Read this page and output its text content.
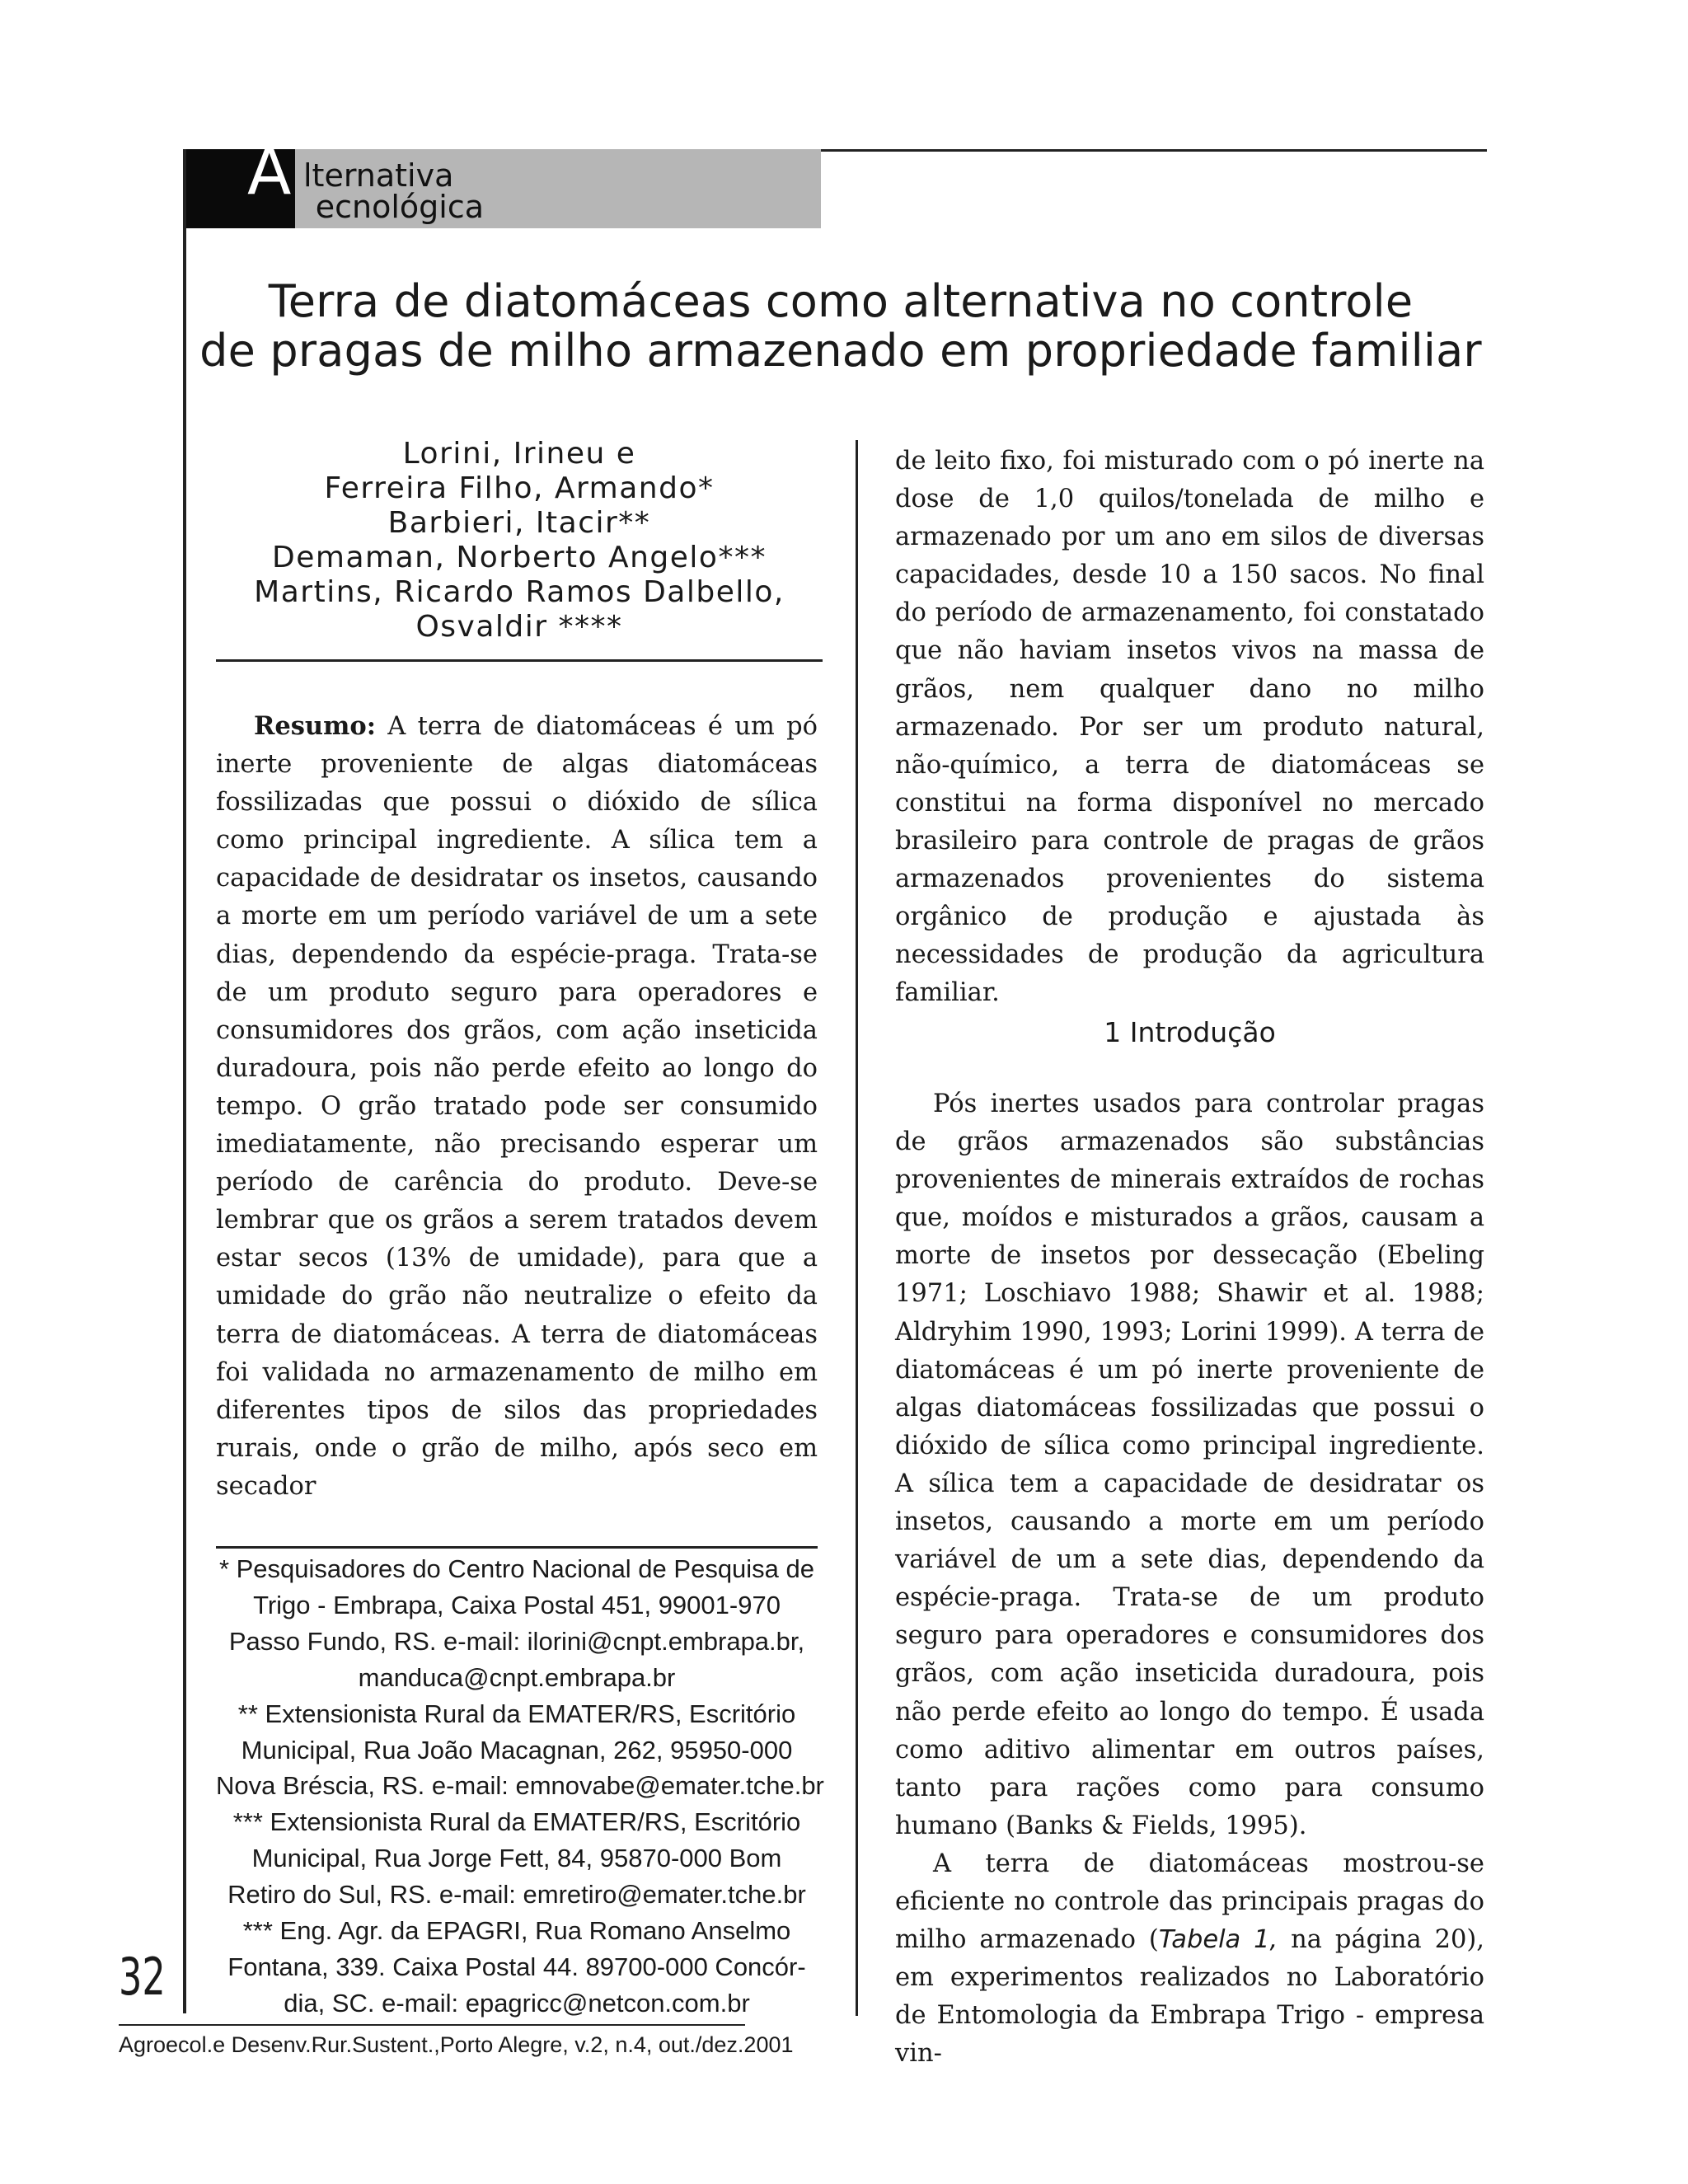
A lternativa
ecnológica
Terra de diatomáceas como alternativa no controle
de pragas de milho armazenado em propriedade familiar
Lorini, Irineu e
Ferreira Filho, Armando*
Barbieri, Itacir**
Demaman, Norberto Angelo***
Martins, Ricardo Ramos Dalbello,
Osvaldir ****

Resumo: A terra de diatomáceas é um pó inerte proveniente de algas diatomáceas fossilizadas que possui o dióxido de sílica como principal ingrediente. A sílica tem a capacidade de desidratar os insetos, causando a morte em um período variável de um a sete dias, dependendo da espécie-praga. Trata-se de um produto seguro para operadores e consumidores dos grãos, com ação inseticida duradoura, pois não perde efeito ao longo do tempo. O grão tratado pode ser consumido imediatamente, não precisando esperar um período de carência do produto. Deve-se lembrar que os grãos a serem tratados devem estar secos (13% de umidade), para que a umidade do grão não neutralize o efeito da terra de diatomáceas. A terra de diatomáceas foi validada no armazenamento de milho em diferentes tipos de silos das propriedades rurais, onde o grão de milho, após seco em secador

* Pesquisadores do Centro Nacional de Pesquisa de
Trigo - Embrapa, Caixa Postal 451, 99001-970
Passo Fundo, RS. e-mail: ilorini@cnpt.embrapa.br,
manduca@cnpt.embrapa.br
** Extensionista Rural da EMATER/RS, Escritório
Municipal, Rua João Macagnan, 262, 95950-000
Nova Bréscia, RS. e-mail: emnovabe@emater.tche.br
*** Extensionista Rural da EMATER/RS, Escritório
Municipal, Rua Jorge Fett, 84, 95870-000 Bom
Retiro do Sul, RS. e-mail: emretiro@emater.tche.br
*** Eng. Agr. da EPAGRI, Rua Romano Anselmo
Fontana, 339. Caixa Postal 44. 89700-000 Concór-
dia, SC. e-mail: epagricc@netcon.com.br

de leito fixo, foi misturado com o pó inerte na dose de 1,0 quilos/tonelada de milho e armazenado por um ano em silos de diversas capacidades, desde 10 a 150 sacos. No final do período de armazenamento, foi constatado que não haviam insetos vivos na massa de grãos, nem qualquer dano no milho armazenado. Por ser um produto natural, não-químico, a terra de diatomáceas se constitui na forma disponível no mercado brasileiro para controle de pragas de grãos armazenados provenientes do sistema orgânico de produção e ajustada às necessidades de produção da agricultura familiar.

1 Introdução

Pós inertes usados para controlar pragas de grãos armazenados são substâncias provenientes de minerais extraídos de rochas que, moídos e misturados a grãos, causam a morte de insetos por dessecação (Ebeling 1971; Loschiavo 1988; Shawir et al. 1988; Aldryhim 1990, 1993; Lorini 1999). A terra de diatomáceas é um pó inerte proveniente de algas diatomáceas fossilizadas que possui o dióxido de sílica como principal ingrediente. A sílica tem a capacidade de desidratar os insetos, causando a morte em um período variável de um a sete dias, dependendo da espécie-praga. Trata-se de um produto seguro para operadores e consumidores dos grãos, com ação inseticida duradoura, pois não perde efeito ao longo do tempo. É usada como aditivo alimentar em outros países, tanto para rações como para consumo humano (Banks & Fields, 1995).

A terra de diatomáceas mostrou-se eficiente no controle das principais pragas do milho armazenado (Tabela 1, na página 20), em experimentos realizados no Laboratório de Entomologia da Embrapa Trigo - empresa vin-

32
Agroecol.e Desenv.Rur.Sustent.,Porto Alegre, v.2, n.4, out./dez.2001
